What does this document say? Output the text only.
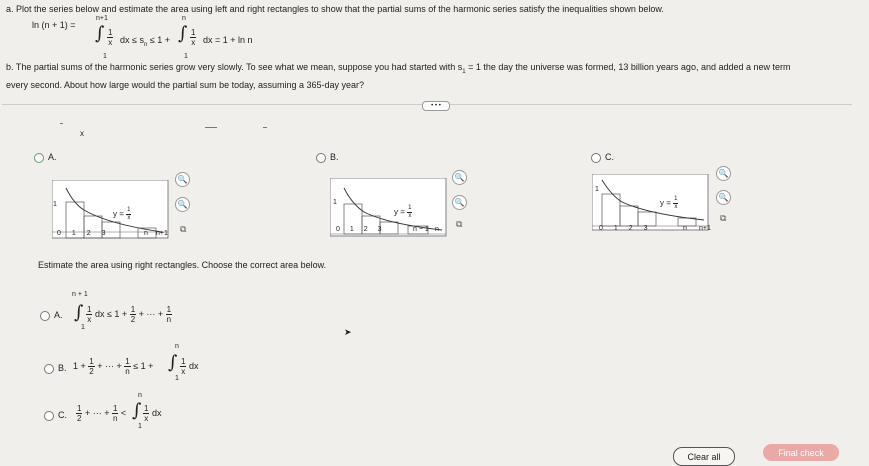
a. Plot the series below and estimate the area using left and right rectangles to show that the partial sums of the harmonic series satisfy the inequalities shown below.
ln (n + 1) =
n+1
∫
1
$\frac{1}{x}$ dx ≤ $s_n \le 1$ +
n
∫
1
$\frac{1}{x}$ dx = 1 + ln n
b. The partial sums of the harmonic series grow very slowly. To see what we mean, suppose you had started with $s_1 = 1$ the day the universe was formed, 13 billion years ago, and added a new term
every second. About how large would the partial sum be today, assuming a 365-day year?
• • •
x
A.
$y = \frac{1}{x}$
0 1 2 3	n n+1
1
🔍
🔍
⧉
B.
$y = \frac{1}{x}$
0 1 2 3	n − 1 n
1
🔍
🔍
⧉
C.
$y = \frac{1}{x}$
0 1 2 3	n n+1
1
🔍
🔍
⧉
Estimate the area using right rectangles. Choose the correct area below.
A.
n + 1
∫
1
$\frac{1}{x}$ dx ≤ $1 + \frac{1}{2}$ + ··· + $\frac{1}{n}$
B. $1 + \frac{1}{2}$ + ··· + $\frac{1}{n} \le 1$ +
n
∫
1
$\frac{1}{x}$ dx
C. $\frac{1}{2}$ + ··· + $\frac{1}{n}$ <
n
∫
1
$\frac{1}{x}$ dx
➤
Clear all	Final check
